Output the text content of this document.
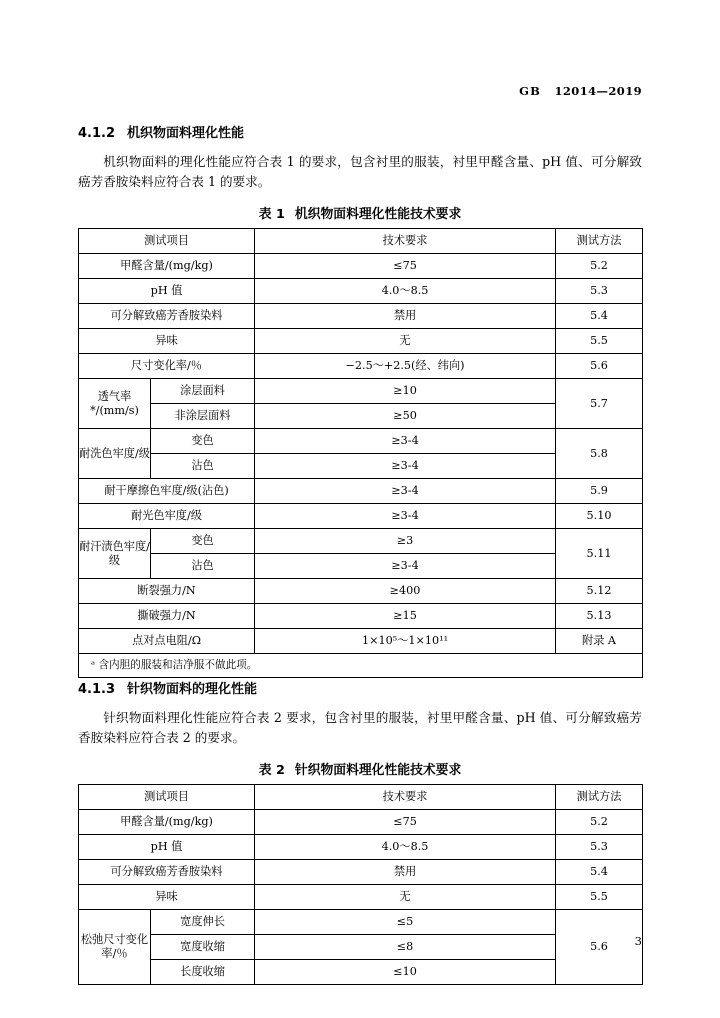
GB 12014—2019
4.1.2 机织物面料理化性能
机织物面料的理化性能应符合表 1 的要求，包含衬里的服装，衬里甲醛含量、pH 值、可分解致癌芳香胺染料应符合表 1 的要求。
表 1 机织物面料理化性能技术要求
测试项目		技术要求	测试方法
甲醛含量/(mg/kg)		≤75	5.2
pH 值		4.0～8.5	5.3
可分解致癌芳香胺染料		禁用	5.4
异味		无	5.5
尺寸变化率/％		−2.5～+2.5(经、纬向)	5.6
透气率*/(mm/s)	涂层面料	≥10	5.7
	非涂层面料	≥50	
耐洗色牢度/级	变色	≥3-4	5.8
	沾色	≥3-4	
耐干摩擦色牢度/级(沾色)		≥3-4	5.9
耐光色牢度/级		≥3-4	5.10
耐汗渍色牢度/级	变色	≥3	5.11
	沾色	≥3-4	
断裂强力/N		≥400	5.12
撕破强力/N		≥15	5.13
点对点电阻/Ω		1×10⁵～1×10¹¹	附录 A
ᵃ 含内胆的服装和洁净服不做此项。			
4.1.3 针织物面料的理化性能
针织物面料理化性能应符合表 2 要求，包含衬里的服装，衬里甲醛含量、pH 值、可分解致癌芳香胺染料应符合表 2 的要求。
表 2 针织物面料理化性能技术要求
测试项目		技术要求	测试方法
甲醛含量/(mg/kg)		≤75	5.2
pH 值		4.0～8.5	5.3
可分解致癌芳香胺染料		禁用	5.4
异味		无	5.5
松弛尺寸变化率/％	宽度伸长	≤5	5.6
	宽度收缩	≤8	
	长度收缩	≤10	
3
